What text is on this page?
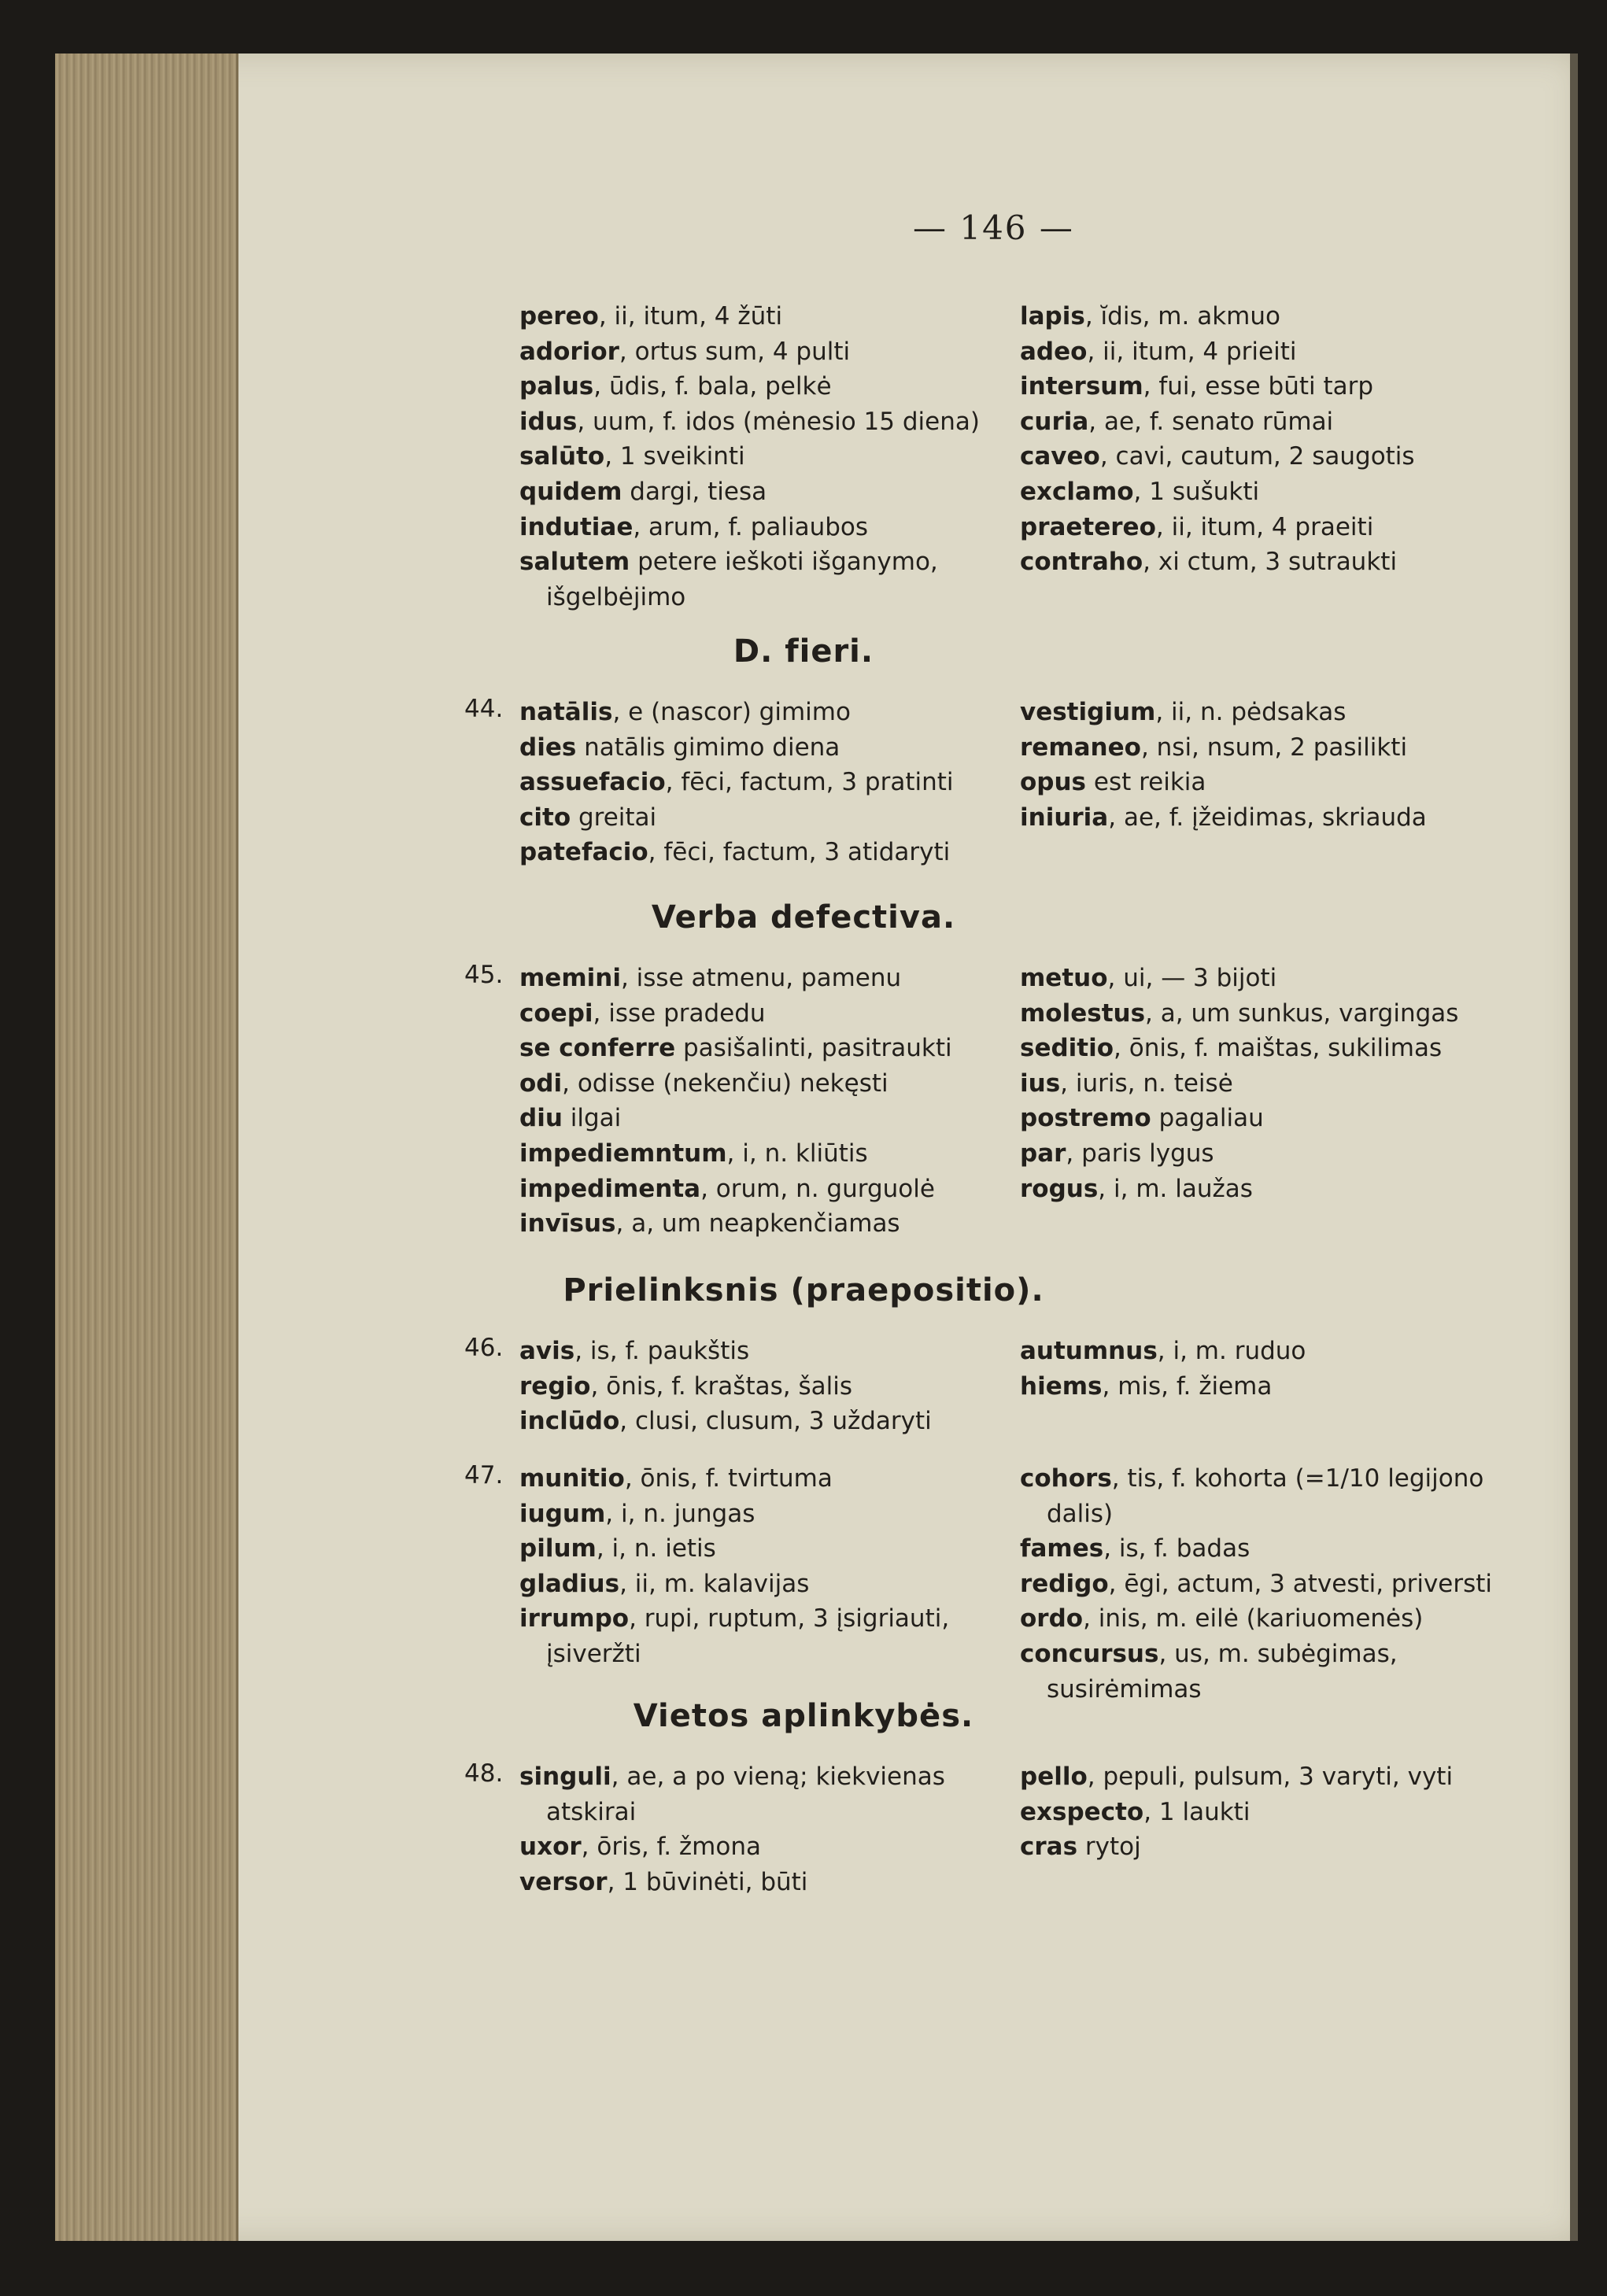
— 146 —
pereo, ii, itum, 4 žūti
adorior, ortus sum, 4 pulti
palus, ūdis, f. bala, pelkė
idus, uum, f. idos (mėnesio 15 diena)
salūto, 1 sveikinti
quidem dargi, tiesa
indutiae, arum, f. paliaubos
salutem petere ieškoti išganymo, išgelbėjimo
lapis, ĭdis, m. akmuo
adeo, ii, itum, 4 prieiti
intersum, fui, esse būti tarp
curia, ae, f. senato rūmai
caveo, cavi, cautum, 2 saugotis
exclamo, 1 sušukti
praetereo, ii, itum, 4 praeiti
contraho, xi ctum, 3 sutraukti
D. fieri.
44. natālis, e (nascor) gimimo
dies natālis gimimo diena
assuefacio, fēci, factum, 3 pratinti
cito greitai
patefacio, fēci, factum, 3 atidaryti
vestigium, ii, n. pėdsakas
remaneo, nsi, nsum, 2 pasilikti
opus est reikia
iniuria, ae, f. įžeidimas, skriauda
Verba defectiva.
45. memini, isse atmenu, pamenu
coepi, isse pradedu
se conferre pasišalinti, pasitraukti
odi, odisse (nekenčiu) nekęsti
diu ilgai
impediemntum, i, n. kliūtis
impedimenta, orum, n. gurguolė
invīsus, a, um neapkenčiamas
metuo, ui, — 3 bijoti
molestus, a, um sunkus, vargingas
seditio, ōnis, f. maištas, sukilimas
ius, iuris, n. teisė
postremo pagaliau
par, paris lygus
rogus, i, m. laužas
Prielinksnis (praepositio).
46. avis, is, f. paukštis
regio, ōnis, f. kraštas, šalis
inclūdo, clusi, clusum, 3 uždaryti
autumnus, i, m. ruduo
hiems, mis, f. žiema
47. munitio, ōnis, f. tvirtuma
iugum, i, n. jungas
pilum, i, n. ietis
gladius, ii, m. kalavijas
irrumpo, rupi, ruptum, 3 įsigriauti, įsiveržti
cohors, tis, f. kohorta (=1/10 legijono dalis)
fames, is, f. badas
redigo, ēgi, actum, 3 atvesti, priversti
ordo, inis, m. eilė (kariuomenės)
concursus, us, m. subėgimas, susirėmimas
Vietos aplinkybės.
48. singuli, ae, a po vieną; kiekvienas atskirai
uxor, ōris, f. žmona
versor, 1 būvinėti, būti
pello, pepuli, pulsum, 3 varyti, vyti
exspecto, 1 laukti
cras rytoj
